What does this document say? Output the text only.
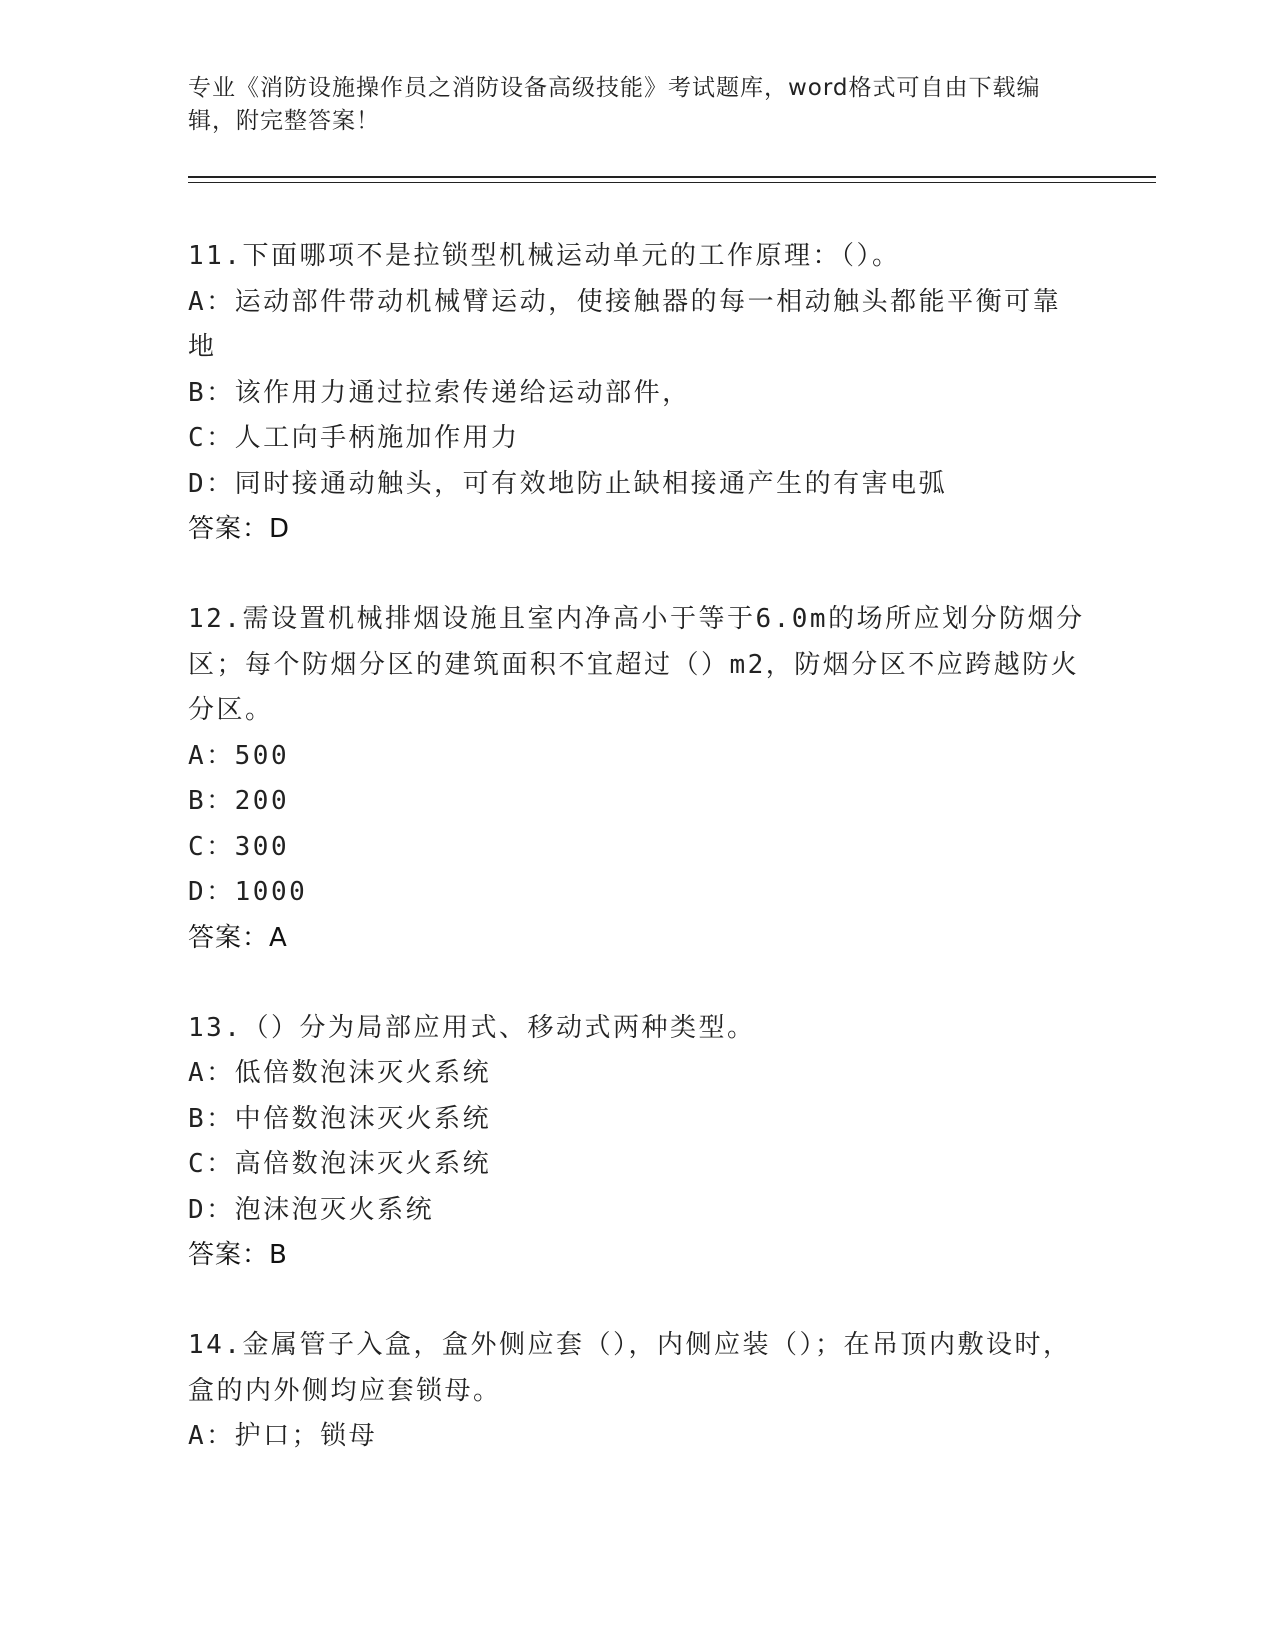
专业《消防设施操作员之消防设备高级技能》考试题库，word格式可自由下载编辑，附完整答案！
11.下面哪项不是拉锁型机械运动单元的工作原理：（）。
A：运动部件带动机械臂运动，使接触器的每一相动触头都能平衡可靠地
B：该作用力通过拉索传递给运动部件，
C：人工向手柄施加作用力
D：同时接通动触头，可有效地防止缺相接通产生的有害电弧
答案：D
12.需设置机械排烟设施且室内净高小于等于6.0m的场所应划分防烟分区；每个防烟分区的建筑面积不宜超过（）m2，防烟分区不应跨越防火分区。
A：500
B：200
C：300
D：1000
答案：A
13.（）分为局部应用式、移动式两种类型。
A：低倍数泡沫灭火系统
B：中倍数泡沫灭火系统
C：高倍数泡沫灭火系统
D：泡沫泡灭火系统
答案：B
14.金属管子入盒，盒外侧应套（），内侧应装（）；在吊顶内敷设时，盒的内外侧均应套锁母。
A：护口；锁母
